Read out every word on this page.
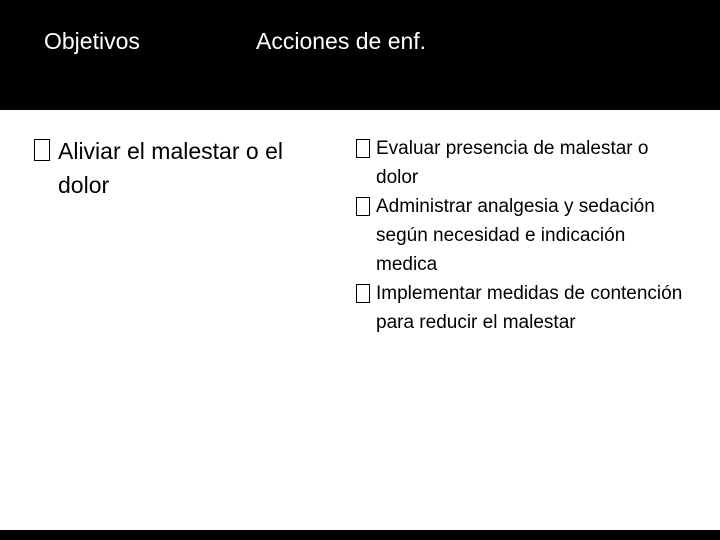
Objetivos	Acciones de enf.
Aliviar el malestar o el dolor
Evaluar presencia de malestar o dolor
Administrar analgesia y sedación según necesidad e indicación medica
Implementar medidas de contención para reducir el malestar
